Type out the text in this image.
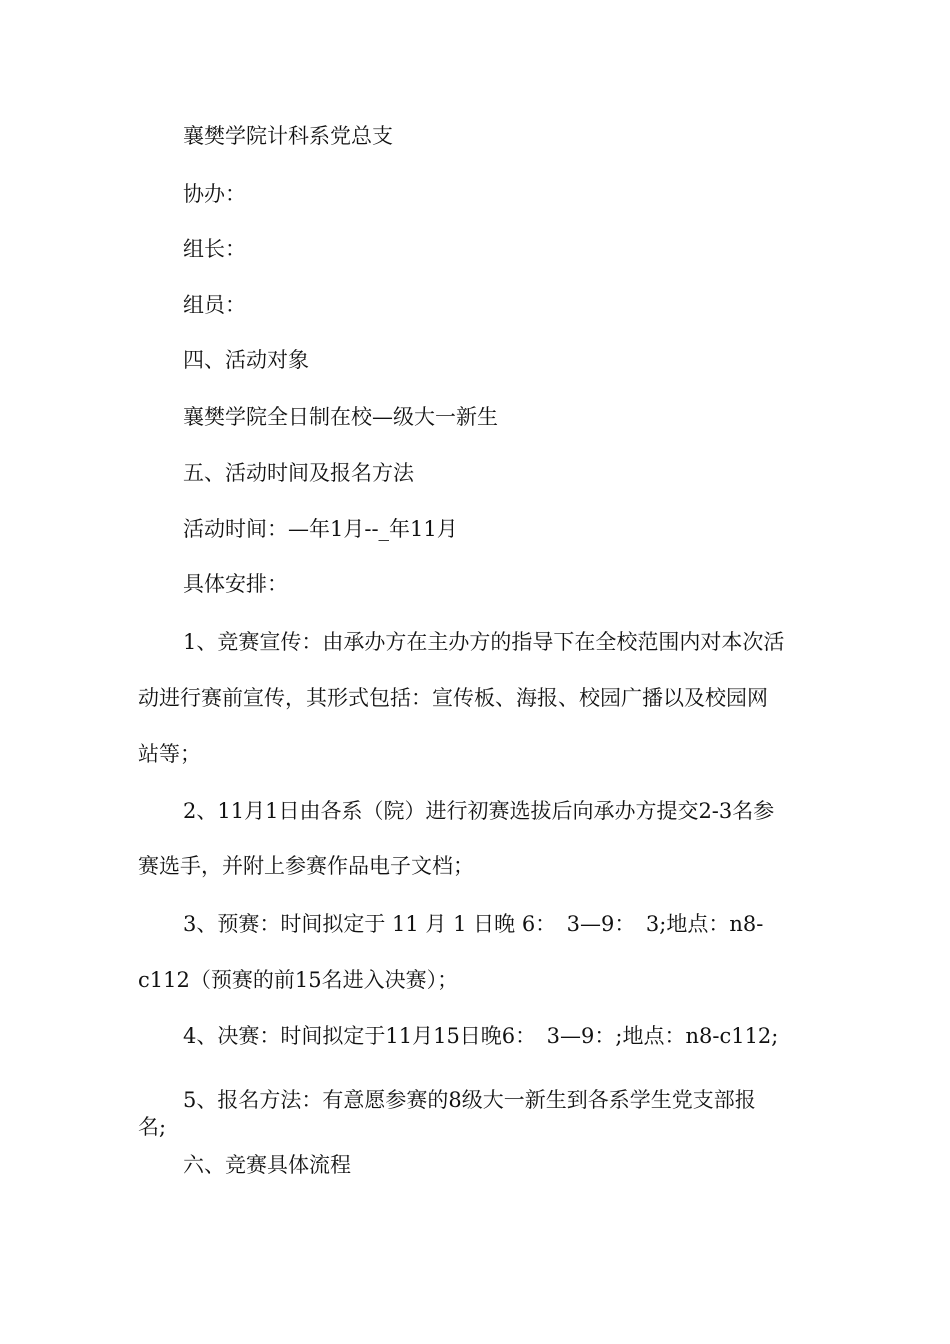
襄樊学院计科系党总支
协办：
组长：
组员：
四、活动对象
襄樊学院全日制在校—级大一新生
五、活动时间及报名方法
活动时间：—年1月--_年11月
具体安排：
1、竞赛宣传：由承办方在主办方的指导下在全校范围内对本次活
动进行赛前宣传，其形式包括：宣传板、海报、校园广播以及校园网
站等；
2、11月1日由各系（院）进行初赛选拔后向承办方提交2-3名参
赛选手，并附上参赛作品电子文档；
3、预赛：时间拟定于 11 月 1 日晚 6：　3—9：　3;地点：n8-
c112（预赛的前15名进入决赛）；
4、决赛：时间拟定于11月15日晚6：　3—9：;地点：n8-c112;
5、报名方法：有意愿参赛的8级大一新生到各系学生党支部报
名;
六、竞赛具体流程
